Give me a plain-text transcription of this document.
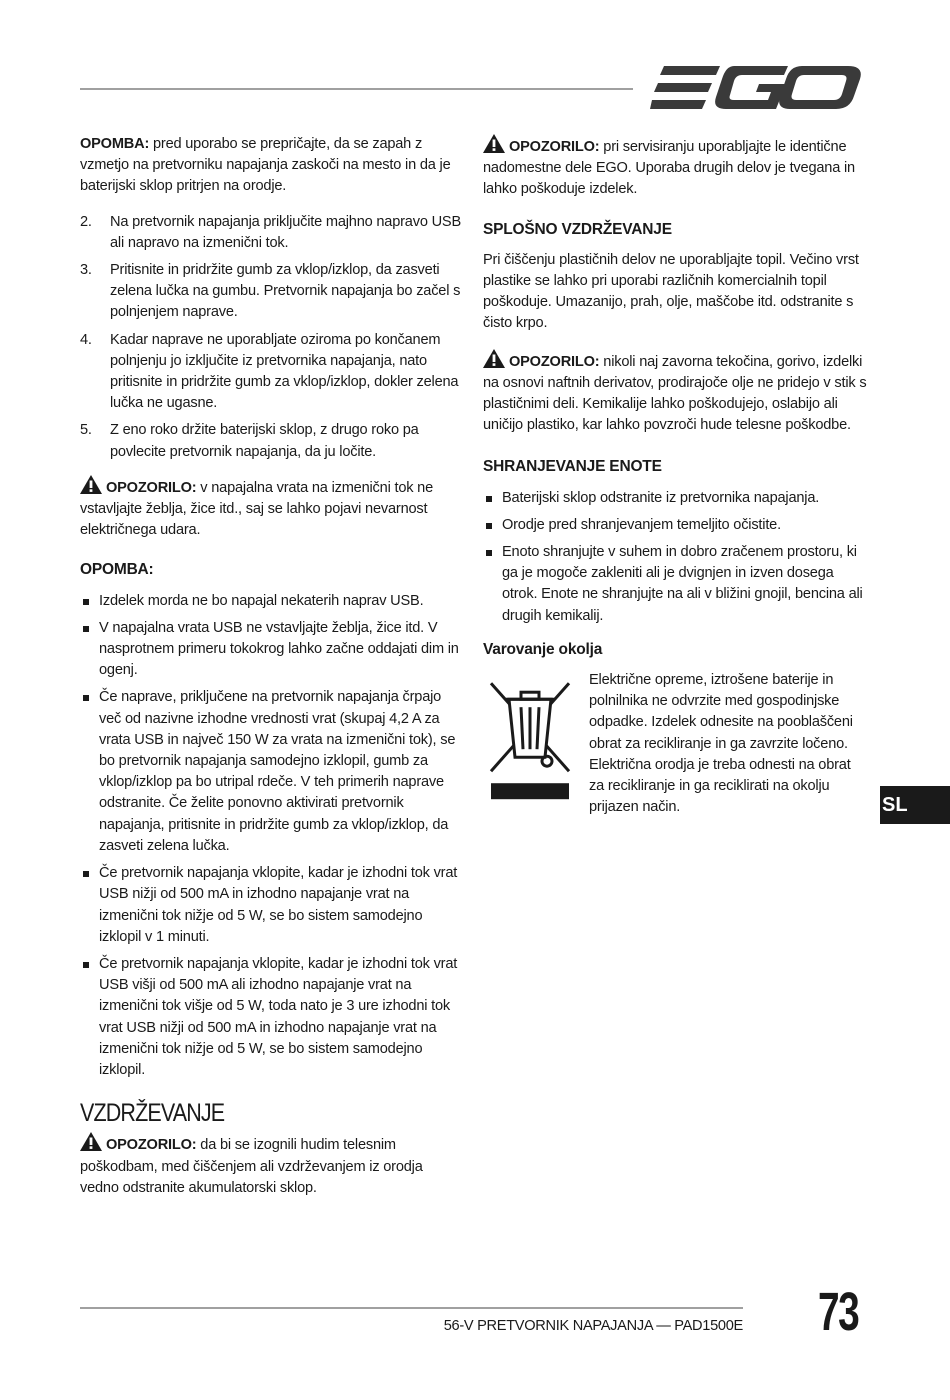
OPOMBA: pred uporabo se prepričajte, da se zapah z vzmetjo na pretvorniku napajanja zaskoči na mesto in da je baterijski sklop pritrjen na orodje.

2. Na pretvornik napajanja priključite majhno napravo USB ali napravo na izmenični tok.
3. Pritisnite in pridržite gumb za vklop/izklop, da zasveti zelena lučka na gumbu. Pretvornik napajanja bo začel s polnjenjem naprave.
4. Kadar naprave ne uporabljate oziroma po končanem polnjenju jo izključite iz pretvornika napajanja, nato pritisnite in pridržite gumb za vklop/izklop, dokler zelena lučka ne ugasne.
5. Z eno roko držite baterijski sklop, z drugo roko pa povlecite pretvornik napajanja, da ju ločite.

OPOZORILO: v napajalna vrata na izmenični tok ne vstavljajte žeblja, žice itd., saj se lahko pojavi nevarnost električnega udara.

OPOMBA:
Izdelek morda ne bo napajal nekaterih naprav USB.
V napajalna vrata USB ne vstavljajte žeblja, žice itd. V nasprotnem primeru tokokrog lahko začne oddajati dim in ogenj.
Če naprave, priključene na pretvornik napajanja črpajo več od nazivne izhodne vrednosti vrat (skupaj 4,2 A za vrata USB in največ 150 W za vrata na izmenični tok), se bo pretvornik napajanja samodejno izklopil, gumb za vklop/izklop pa bo utripal rdeče. V teh primerih naprave odstranite. Če želite ponovno aktivirati pretvornik napajanja, pritisnite in pridržite gumb za vklop/izklop, da zasveti zelena lučka.
Če pretvornik napajanja vklopite, kadar je izhodni tok vrat USB nižji od 500 mA in izhodno napajanje vrat na izmenični tok nižje od 5 W, se bo sistem samodejno izklopil v 1 minuti.
Če pretvornik napajanja vklopite, kadar je izhodni tok vrat USB višji od 500 mA ali izhodno napajanje vrat na izmenični tok višje od 5 W, toda nato je 3 ure izhodni tok vrat USB nižji od 500 mA in izhodno napajanje vrat na izmenični tok nižje od 5 W, se bo sistem samodejno izklopil.
VZDRŽEVANJE

OPOZORILO: da bi se izognili hudim telesnim poškodbam, med čiščenjem ali vzdrževanjem iz orodja vedno odstranite akumulatorski sklop.

OPOZORILO: pri servisiranju uporabljajte le identične nadomestne dele EGO. Uporaba drugih delov je tvegana in lahko poškoduje izdelek.

SPLOŠNO VZDRŽEVANJE

Pri čiščenju plastičnih delov ne uporabljajte topil. Večino vrst plastike se lahko pri uporabi različnih komercialnih topil poškoduje. Umazanijo, prah, olje, maščobe itd. odstranite s čisto krpo.

OPOZORILO: nikoli naj zavorna tekočina, gorivo, izdelki na osnovi naftnih derivatov, prodirajoče olje ne pridejo v stik s plastičnimi deli. Kemikalije lahko poškodujejo, oslabijo ali uničijo plastiko, kar lahko povzroči hude telesne poškodbe.

SHRANJEVANJE ENOTE
Baterijski sklop odstranite iz pretvornika napajanja.
Orodje pred shranjevanjem temeljito očistite.
Enoto shranjujte v suhem in dobro zračenem prostoru, ki ga je mogoče zakleniti ali je dvignjen in izven dosega otrok. Enote ne shranjujte na ali v bližini gnojil, bencina ali drugih kemikalij.
Varovanje okolja

Električne opreme, iztrošene baterije in polnilnika ne odvrzite med gospodinjske odpadke. Izdelek odnesite na pooblaščeni obrat za recikliranje in ga zavrzite ločeno. Električna orodja je treba odnesti na obrat za recikliranje in ga reciklirati na okolju prijazen način.	SL
56-V PRETVORNIK NAPAJANJA — PAD1500E 73
